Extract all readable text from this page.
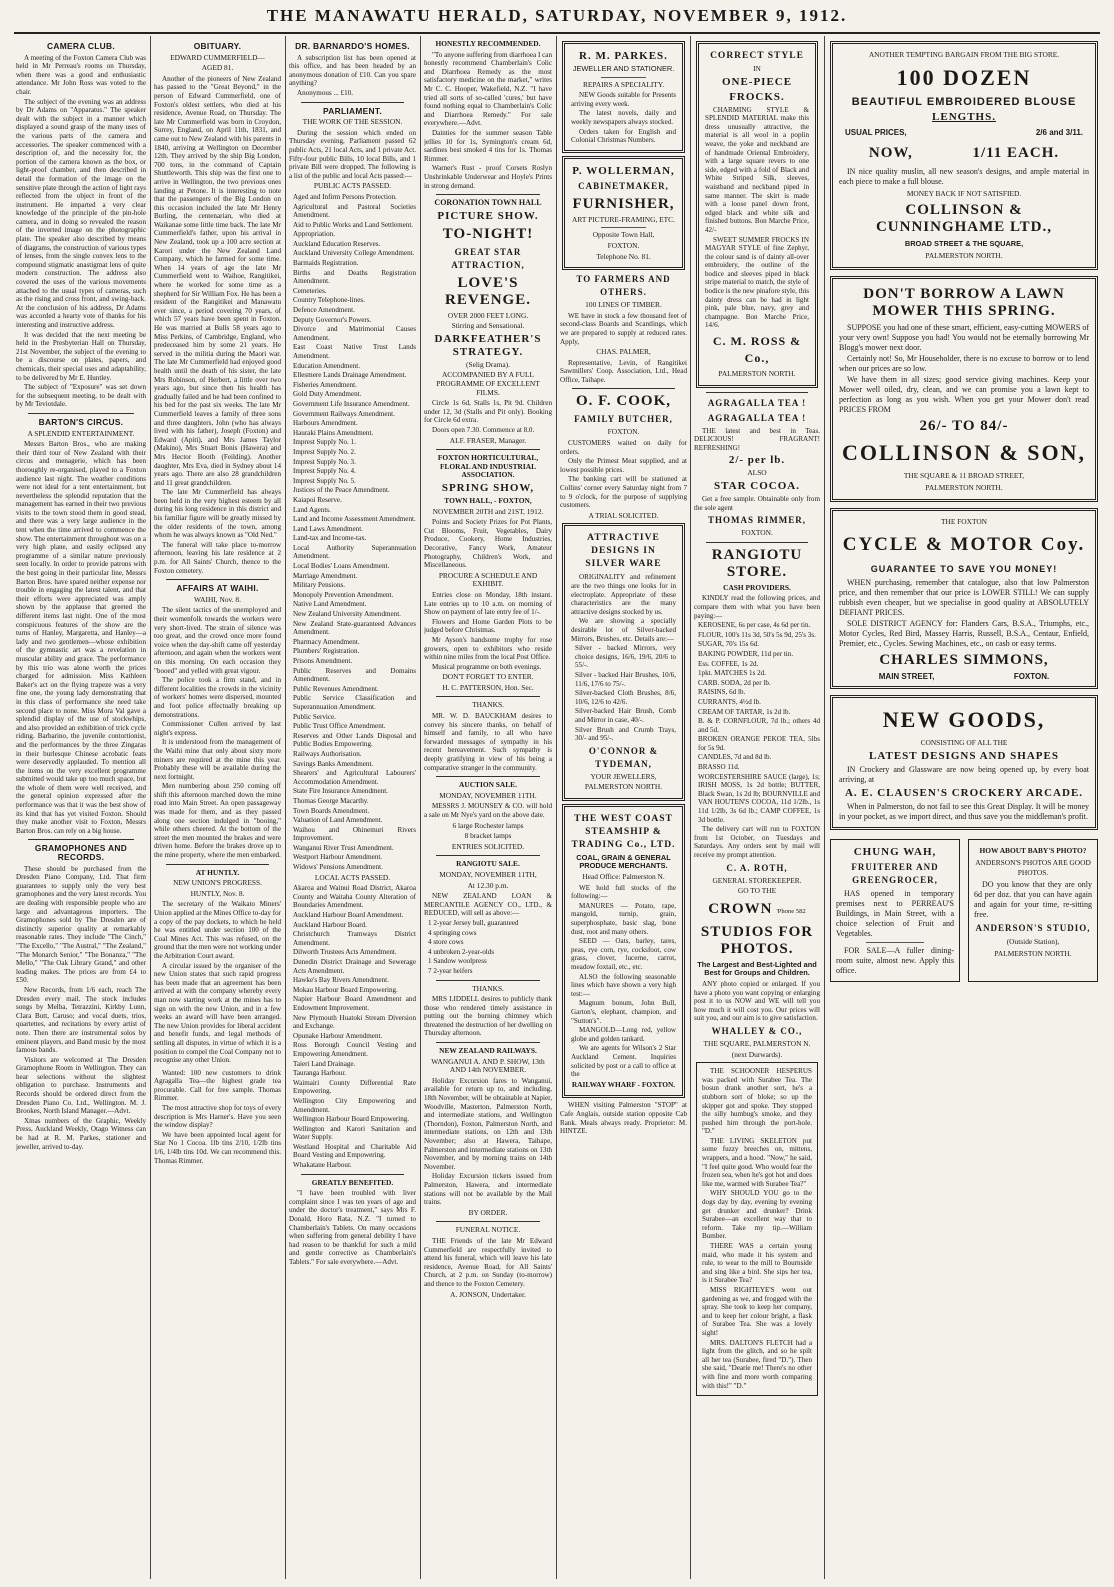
THE MANAWATU HERALD, SATURDAY, NOVEMBER 9, 1912.
CAMERA CLUB.

A meeting of the Foxton Camera Club was held in Mr Perreau's rooms on Thursday, when there was a good and enthusiastic attendance. Mr John Ross was voted to the chair.

The subject of the evening was an address by Dr Adams on "Apparatus." The speaker dealt with the subject in a manner which displayed a sound grasp of the many uses of the various parts of the camera and accessories. The speaker commenced with a description of, and the necessity for, the portion of the camera known as the box, or light-proof chamber, and then described in detail the formation of the image on the sensitive plate through the action of light rays reflected from the object in front of the instrument. He imparted a very clear knowledge of the principle of the pin-hole camera, and in doing so revealed the reason of the inverted image on the photographic plate. The speaker also described by means of diagrams, the construction of various types of lenses, from the single convex lens to the compound stigmatic anastigmat lens of quite modern construction. The address also covered the uses of the various movements attached to the usual types of cameras, such as the rising and cross front, and swing-back. At the conclusion of his address, Dr Adams was accorded a hearty vote of thanks for his interesting and instructive address.

It was decided that the next meeting be held in the Presbyterian Hall on Thursday, 21st November, the subject of the evening to be a discourse on plates, papers, and chemicals, their special uses and adaptability, to be delivered by Mr E. Huntley.

The subject of "Exposure" was set down for the subsequent meeting, to be dealt with by Mr Teviotdale.

BARTON'S CIRCUS.
A SPLENDID ENTERTAINMENT.

Messrs Barton Bros., who are making their third tour of New Zealand with their circus and menagerie, which has been thoroughly re-organised, played to a Foxton audience last night. The weather conditions were not ideal for a tent entertainment, but nevertheless the splendid reputation that the management has earned in their two previous visits to the town stood them in good stead, and there was a very large audience in the tent when the time arrived to commence the show. The entertainment throughout was on a very high plane, and easily eclipsed any programme of a similar nature previously seen locally. In order to provide patrons with the best going in their particular line, Messrs Barton Bros. have spared neither expense nor trouble in engaging the latest talent, and that their efforts were appreciated was amply shown by the applause that greeted the different items last night. One of the most conspicuous features of the show are the turns of Hanley, Margaretta, and Hanley—a lady and two gentlemen—whose exhibition of the gymnastic art was a revelation in muscular ability and grace. The performance by this trio was alone worth the prices charged for admission. Miss Kathleen Baker's act on the flying trapeze was a very fine one, the young lady demonstrating that in this class of performance she need take second place to none. Miss Mora Val gave a splendid display of the use of stockwhips, and also provided an exhibition of trick cycle riding. Barbarino, the juvenile contortionist, and the performances by the three Zingaras in their burlesque Chinese acrobatic feats were deservedly applauded. To mention all the items on the very excellent programme submitted would take up too much space, but the whole of them were well received, and the general opinion expressed after the performance was that it was the best show of its kind that has yet visited Foxton. Should they make another visit to Foxton, Messrs Barton Bros. can rely on a big house.

GRAMOPHONES AND RECORDS.

These should be purchased from the Dresden Piano Company, Ltd. That firm guarantees to supply only the very best gramophones and the very latest records. You are dealing with responsible people who are large and advantageous importers. The Gramophones sold by The Dresden are of distinctly superior quality at remarkably reasonable rates. They include "The Cinch," "The Excello," "The Austral," "The Zealand," "The Monarch Senior," "The Bonanza," "The Mello," "The Oak Library Grand," and other leading makes. The prices are from £4 to £50.

New Records, from 1/6 each, reach The Dresden every mail. The stock includes songs by Melba, Tetrazzini, Kirkby Lunn, Clara Butt, Caruso; and vocal duets, trios, quartettes, and recitations by every artist of note. Then there are instrumental solos by eminent players, and Band music by the most famous bands.

Visitors are welcomed at The Dresden Gramophone Room in Wellington. They can hear selections without the slightest obligation to purchase. Instruments and Records should be ordered direct from the Dresden Piano Co. Ltd., Wellington. M. J. Brookes, North Island Manager.—Advt.

Xmas numbers of the Graphic, Weekly Press, Auckland Weekly, Otago Witness can be had at R. M. Parkes, stationer and jeweller, arrived to-day.

OBITUARY.
EDWARD CUMMERFIELD—
AGED 81.

Another of the pioneers of New Zealand has passed to the "Great Beyond," in the person of Edward Cummerfield, one of Foxton's oldest settlers, who died at his residence, Avenue Road, on Thursday. The late Mr Cummerfield was born in Croydon, Surrey, England, on April 11th, 1831, and came out to New Zealand with his parents in 1840, arriving at Wellington on December 12th. They arrived by the ship Big London, 700 tons, in the command of Captain Shuttleworth. This ship was the first one to arrive in Wellington, the two previous ones landing at Petone. It is interesting to note that the passengers of the Big London on this occasion included the late Mr Henry Burling, the centenarian, who died at Waikanae some little time back. The late Mr Cummerfield's father, upon his arrival in New Zealand, took up a 100 acre section at Karori under the New Zealand Land Company, which he farmed for some time. When 14 years of age the late Mr Cummerfield went to Waihoe, Rangitikei, where he worked for some time as a shepherd for Sir William Fox. He has been a resident of the Rangitikei and Manawatu ever since, a period covering 70 years, of which 57 years have been spent in Foxton. He was married at Bulls 58 years ago to Miss Perkins, of Cambridge, England, who predeceased him by some 21 years. He served in the militia during the Maori war. The late Mr Cummerfield had enjoyed good health until the death of his sister, the late Mrs Robinson, of Herbert, a little over two years ago, but since then his health has gradually failed and he had been confined to his bed for the past six weeks. The late Mr Cummerfield leaves a family of three sons and three daughters, John (who has always lived with his father), Joseph (Foxton) and Edward (Apiti), and Mrs James Taylor (Makino), Mrs Stuart Bonis (Hawera) and Mrs Hector Booth (Feilding). Another daughter, Mrs Eva, died in Sydney about 14 years ago. There are also 28 grandchildren and 11 great grandchildren.

The late Mr Cummerfield has always been held in the very highest esteem by all during his long residence in this district and his familiar figure will be greatly missed by the older residents of the town, among whom he was always known as "Old Ned."

The funeral will take place to-morrow afternoon, leaving his late residence at 2 p.m. for All Saints' Church, thence to the Foxton cemetery.

AFFAIRS AT WAIHI.
WAIHI, Nov. 8.

The silent tactics of the unemployed and their womenfolk towards the workers were very short-lived. The strain of silence was too great, and the crowd once more found voice when the day-shift came off yesterday afternoon, and again when the workers went on this morning. On each occasion they "booed" and yelled with great vigour.

The police took a firm stand, and in different localities the crowds in the vicinity of workers' homes were dispersed, mounted and foot police effectually breaking up demonstrations.

Commissioner Cullen arrived by last night's express.

It is understood from the management of the Waihi mine that only about sixty more miners are required at the mine this year. Probably these will be available during the next fortnight.

Men numbering about 250 coming off shift this afternoon marched down the mine road into Main Street. An open passageway was made for them, and as they passed along one section indulged in "booing," while others cheered. At the bottom of the street the men mounted the brakes and were driven home. Before the brakes drove up to the mine property, where the men embarked.

AT HUNTLY.
NEW UNION'S PROGRESS.
HUNTLY, Nov. 8.

The secretary of the Waikato Miners' Union applied at the Mines Office to-day for a copy of the pay dockets, to which he held he was entitled under section 100 of the Coal Mines Act. This was refused, on the ground that the men were not working under the Arbitration Court award.

A circular issued by the organiser of the new Union states that such rapid progress has been made that an agreement has been arrived at with the company whereby every man now starting work at the mines has to sign on with the new Union, and in a few weeks an award will have been arranged. The new Union provides for liberal accident and benefit funds, and legal methods of settling all disputes, in virtue of which it is a position to compel the Coal Company not to recognise any other Union.

Wanted: 100 new customers to drink Agragalla Tea—the highest grade tea procurable. Call for free sample. Thomas Rimmer.

The most attractive shop for toys of every description is Mrs Harner's. Have you seen the window display?

We have been appointed local agent for Star No 1 Cocoa. 1lb tins 2/10, 1/2lb tins 1/6, 1/4lb tins 10d. We can recommend this. Thomas Rimmer.

DR. BARNARDO'S HOMES.

A subscription list has been opened at this office, and has been headed by an anonymous donation of £10. Can you spare anything?

Anonymous ... £10.

PARLIAMENT.
THE WORK OF THE SESSION.

During the session which ended on Thursday evening, Parliament passed 62 public Acts, 21 local Acts, and 1 private Act. Fifty-four public Bills, 10 local Bills, and 1 private Bill were dropped. The following is a list of the public and local Acts passed:—

PUBLIC ACTS PASSED.

Aged and Infirm Persons Protection.

Agricultural and Pastoral Societies Amendment.

Aid to Public Works and Land Settlement.

Appropriation.

Auckland Education Reserves.

Auckland University College Amendment.

Barmaids Registration.

Births and Deaths Registration Amendment.

Cemeteries.

Country Telephone-lines.

Defence Amendment.

Deputy Governor's Powers.

Divorce and Matrimonial Causes Amendment.

East Coast Native Trust Lands Amendment.

Education Amendment.

Ellesmere Lands Drainage Amendment.

Fisheries Amendment.

Gold Duty Amendment.

Government Life Insurance Amendment.

Government Railways Amendment.

Harbours Amendment.

Hauraki Plains Amendment.

Imprest Supply No. 1.

Imprest Supply No. 2.

Imprest Supply No. 3.

Imprest Supply No. 4.

Imprest Supply No. 5.

Justices of the Peace Amendment.

Kaiapoi Reserve.

Land Agents.

Land and Income Assessment Amendment.

Land Laws Amendment.

Land-tax and Income-tax.

Local Authority Superannuation Amendment.

Local Bodies' Loans Amendment.

Marriage Amendment.

Military Pensions.

Monopoly Prevention Amendment.

Native Land Amendment.

New Zealand University Amendment.

New Zealand State-guaranteed Advances Amendment.

Pharmacy Amendment.

Plumbers' Registration.

Prisons Amendment.

Public Reserves and Domains Amendment.

Public Revenues Amendment.

Public Service Classification and Superannuation Amendment.

Public Service.

Public Trust Office Amendment.

Reserves and Other Lands Disposal and Public Bodies Empowering.

Railways Authorisation.

Savings Banks Amendment.

Shearers' and Agricultural Labourers' Accommodation Amendment.

State Fire Insurance Amendment.

Thomas George Macarthy.

Town Boards Amendment.

Valuation of Land Amendment.

Waihou and Ohinemuri Rivers Improvement.

Wanganui River Trust Amendment.

Westport Harbour Amendment.

Widows' Pensions Amendment.

LOCAL ACTS PASSED.

Akaroa and Wainui Road District, Akaroa County and Waitaha County Alteration of Boundaries Amendment.

Auckland Harbour Board Amendment.

Auckland Harbour Board.

Christchurch Tramways District Amendment.

Dilworth Trustees Acts Amendment.

Dunedin District Drainage and Sewerage Acts Amendment.

Hawke's Bay Rivers Amendment.

Mokau Harbour Board Empowering.

Napier Harbour Board Amendment and Endowment Improvement.

New Plymouth Huatoki Stream Diversion and Exchange.

Opunake Harbour Amendment.

Ross Borough Council Vesting and Empowering Amendment.

Taieri Land Drainage.

Tauranga Harbour.

Waimairi County Differential Rate Empowering.

Wellington City Empowering and Amendment.

Wellington Harbour Board Empowering.

Wellington and Karori Sanitation and Water Supply.

Westland Hospital and Charitable Aid Board Vesting and Empowering.

Whakatane Harbour.

GREATLY BENEFITED.

"I have been troubled with liver complaint since I was ten years of age and under the doctor's treatment," says Mrs F. Donald, Horo Rata, N.Z. "I turned to Chamberlain's Tablets. On many occasions when suffering from general debility I have had reason to be thankful for such a mild and gentle corrective as Chamberlain's Tablets." For sale everywhere.—Advt.

HONESTLY RECOMMENDED.

"To anyone suffering from diarrhoea I can honestly recommend Chamberlain's Colic and Diarrhoea Remedy as the most satisfactory medicine on the market," writes Mr C. C. Hooper, Wakefield, N.Z. "I have tried all sorts of so-called 'cures,' but have found nothing equal to Chamberlain's Colic and Diarrhoea Remedy." For sale everywhere.—Advt.

Dainties for the summer season Table jellies 10 for 1s, Symington's cream 6d, sardines best smoked 4 tins for 1s. Thomas Rimmer.

Warner's Rust - proof Corsets Roslyn Unshrinkable Underwear and Hoyle's Prints in strong demand.

CORONATION TOWN HALL
PICTURE SHOW.
TO-NIGHT!
GREAT STAR ATTRACTION,
LOVE'S REVENGE.
OVER 2000 FEET LONG.
Stirring and Sensational.
DARKFEATHER'S STRATEGY.
(Selig Drama).
ACCOMPANIED BY A FULL PROGRAMME OF EXCELLENT FILMS.

Circle 1s 6d, Stalls 1s, Pit 9d. Children under 12, 3d (Stalls and Pit only). Booking for Circle 6d extra.

Doors open 7.30. Commence at 8.0.

ALF. FRASER, Manager.
FOXTON HORTICULTURAL, FLORAL AND INDUSTRIAL ASSOCIATION.
SPRING SHOW,
TOWN HALL, - FOXTON,
NOVEMBER 20TH and 21ST, 1912.

Points and Society Prizes for Pot Plants, Cut Blooms, Fruit, Vegetables, Dairy Produce, Cookery, Home Industries, Decorative, Fancy Work, Amateur Photography, Children's Work, and Miscellaneous.

PROCURE A SCHEDULE AND EXHIBIT.

Entries close on Monday, 18th instant. Late entries up to 10 a.m. on morning of Show on payment of late entry fee of 1/-.

Flowers and Home Garden Plots to be judged before Christmas.

Mr Ayson's handsome trophy for rose growers, open to exhibitors who reside within nine miles from the local Post Office.

Musical programme on both evenings.

DON'T FORGET TO ENTER.
H. C. PATTERSON, Hon. Sec.
THANKS.

MR. W. D. BAUCKHAM desires to convey his sincere thanks, on behalf of himself and family, to all who have forwarded messages of sympathy in his recent bereavement. Such sympathy is deeply gratifying in view of his being a comparative stranger in the community.

AUCTION SALE.
MONDAY, NOVEMBER 11TH.

MESSRS J. MOUNSEY & CO. will hold a sale on Mr Nye's yard on the above date.

6 large Rochester lamps
8 bracket lamps
ENTRIES SOLICITED.
RANGIOTU SALE.
MONDAY, NOVEMBER 11TH,
At 12.30 p.m.

NEW ZEALAND LOAN & MERCANTILE AGENCY CO., LTD., & REDUCED, will sell as above:—

1 2-year Jersey bull, guaranteed

4 springing cows

4 store cows

4 unbroken 2-year-olds

1 Sandow woolpress

7 2-year heifers

THANKS.

MRS LIDDELL desires to publicly thank those who rendered timely assistance in putting out the burning chimney which threatened the destruction of her dwelling on Thursday afternoon.

NEW ZEALAND RAILWAYS.
WANGANUI A. AND P. SHOW, 13th AND 14th NOVEMBER.

Holiday Excursion fares to Wanganui, available for return up to, and including, 18th November, will be obtainable at Napier, Woodville, Masterton, Palmerston North, and intermediate stations, and Wellington (Thorndon), Foxton, Palmerston North, and intermediate stations, on 12th and 13th November; also at Hawera, Taihape, Palmerston and intermediate stations on 13th November, and by morning trains on 14th November.

Holiday Excursion tickets issued from Palmerston, Hawera, and intermediate stations will not be available by the Mail trains.

BY ORDER.
FUNERAL NOTICE.

THE Friends of the late Mr Edward Cummerfield are respectfully invited to attend his funeral, which will leave his late residence, Avenue Road, for All Saints' Church, at 2 p.m. on Sunday (to-morrow) and thence to the Foxton Cemetery.

A. JONSON, Undertaker.
R. M. PARKES.
JEWELLER AND STATIONER.
REPAIRS A SPECIALITY.

NEW Goods suitable for Presents arriving every week.

The latest novels, daily and weekly newspapers always stocked.

Orders taken for English and Colonial Christmas Numbers.

P. WOLLERMAN,
CABINETMAKER,
FURNISHER,
ART PICTURE-FRAMING, ETC.
Opposite Town Hall,
FOXTON.
Telephone No. 81.
TO FARMERS AND OTHERS.
100 LINES OF TIMBER.

WE have in stock a few thousand feet of second-class Boards and Scantlings, which we are prepared to supply at reduced rates. Apply,

CHAS. PALMER,

Representative, Levin, of Rangitikei Sawmillers' Coop. Association, Ltd., Head Office, Taihape.

O. F. COOK,
FAMILY BUTCHER,
FOXTON.

CUSTOMERS waited on daily for orders.

Only the Primest Meat supplied, and at lowest possible prices.

The banking cart will be stationed at Collins' corner every Saturday night from 7 to 9 o'clock, for the purpose of supplying customers.

A TRIAL SOLICITED.
ATTRACTIVE DESIGNS IN SILVER WARE

ORIGINALITY and refinement are the two things one looks for in electroplate. Appropriate of these characteristics are the many attractive designs stocked by us.

We are showing a specially desirable lot of Silver-backed Mirrors, Brushes, etc. Details are:—

Silver - backed Mirrors, very choice designs, 16/6, 19/6, 20/6 to 55/-.

Silver - backed Hair Brushes, 10/6, 11/6, 17/6 to 75/-.

Silver-backed Cloth Brushes, 8/6, 10/6, 12/6 to 42/6.

Silver-backed Hair Brush, Comb and Mirror in case, 40/-.

Silver Brush and Crumb Trays, 30/- and 95/-.

O'CONNOR & TYDEMAN,
YOUR JEWELLERS,
PALMERSTON NORTH.
THE WEST COAST STEAMSHIP & TRADING Co., LTD.
COAL, GRAIN & GENERAL PRODUCE MERCHANTS.
Head Office: Palmerston N.

WE hold full stocks of the following:—

MANURES — Potato, rape, mangold, turnip, grain, superphosphate, basic slag, bone dust, root and many others.

SEED — Oats, barley, tares, peas, rye corn, rye, cocksfoot, cow grass, clover, lucerne, carrot, meadow foxtail, etc., etc.

ALSO the following seasonable lines which have shown a very high test:—

Magnum bonum, John Bull, Garton's, elephant, champion, and "Sutton's".

MANGOLD—Long red, yellow globe and golden tankard.

We are agents for Wilson's 2 Star Auckland Cement. Inquiries solicited by post or a call to office at the

RAILWAY WHARF - FOXTON.

WHEN visiting Palmerston "STOP" at Cafe Anglais, outside station opposite Cab Rank. Meals always ready. Proprietor: M. HINTZE.

CORRECT STYLE
IN
ONE-PIECE
FROCKS.

CHARMING STYLE & SPLENDID MATERIAL make this dress unusually attractive, the material is all wool in a poplin weave, the yoke and neckband are of handmade Oriental Embroidery, with a large square revers to one side, edged with a fold of Black and White Striped Silk, sleeves, waistband and neckband piped in same manner. The skirt is made with a loose panel down front, edged black and white silk and finished buttons. Bon Marche Price, 42/-

SWEET SUMMER FROCKS IN MAGYAR STYLE of fine Zephyr, the colour sand is of dainty all-over embroidery, the outline of the bodice and sleeves piped in black stripe material to match, the style of bodice is the new pinafore style, this dainty dress can be had in light pink, pale blue, navy, grey and champagne. Bon Marche Price, 14/6.

C. M. ROSS & Co.,
PALMERSTON NORTH.
AGRAGALLA TEA !
AGRAGALLA TEA !

THE latest and best in Teas. DELICIOUS! FRAGRANT! REFRESHING!

2/- per lb.
ALSO
STAR COCOA.

Get a free sample. Obtainable only from the sole agent

THOMAS RIMMER,
FOXTON.
RANGIOTU STORE.
CASH PROVIDERS.

KINDLY read the following prices, and compare them with what you have been paying:—

KEROSENE, 6s per case, 4s 6d per tin.

FLOUR, 100's 11s 3d, 50's 5s 9d, 25's 3s.

SUGAR, 70's 15s 6d.

BAKING POWDER, 11d per tin.

Ess. COFFEE, 1s 2d.

1pkt. MATCHES 1s 2d.

CARB. SODA, 2d per lb.

RAISINS, 6d lb.

CURRANTS, 4½d lb.

CREAM OF TARTAR, 1s 2d lb.

B. & P. CORNFLOUR, 7d lb.; others 4d and 5d.

BROKEN ORANGE PEKOE TEA, 5lbs for 5s 9d.

CANDLES, 7d and 8d lb.

BRASSO 11d.

WORCESTERSHIRE SAUCE (large), 1s; IRISH MOSS, 1s 2d bottle; BUTTER, Black Swan, 1s 2d lb; BOURNVILLE and VAN HOUTEN'S COCOA, 11d 1/2lb., 1s 11d 1/2lb, 3s 6d lb.; CAMP COFFEE, 1s 3d bottle.

The delivery cart will run to FOXTON from 1st October, on Tuesdays and Saturdays. Any orders sent by mail will receive my prompt attention.

C. A. ROTH,
GENERAL STOREKEEPER.
GO TO THE
CROWN 'Phone 582
STUDIOS FOR PHOTOS.
The Largest and Best-Lighted and Best for Groups and Children.

ANY photo copied or enlarged. If you have a photo you want copying or enlarging post it to us NOW and WE will tell you how much it will cost you. Our prices will suit you, and our aim is to give satisfaction.

WHALLEY & CO.,
THE SQUARE, PALMERSTON N.
(next Durwards).

THE SCHOONER HESPERUS was packed with Surabee Tea. The bosun drank another sort, he's a stubborn sort of bloke; so up the skipper got and spoke. They stopped the silly humbug's smoke, and they pushed him through the port-hole. "D."

THE LIVING SKELETON put some fuzzy breeches on, mittens, wrappers, and a hood. "Now," he said, "I feel quite good. Who would fear the frozen sea, when he's got hot and does like me, warmed with Surabee Tea?"

WHY SHOULD YOU go to the dogs day by day, evening by evening get drunker and drunker? Drink Surabee—an excellent way that to reform. Take my tip.—William Bumber.

THERE WAS a certain young maid, who made it his system and rule, to wear to the mill to Bournside and sing like a bird. She sips her tea, is it Surabee Tea?

MISS RIGHTEYE'S went out gardening as we, and frogged with the spray. She took to keep her company, and to keep her colour bright, a flask of Surabee Tea. She was a lovely sight!

MRS. DALTON'S FLETCH had a light from the glitch, and so he spilt all her tea (Surabee, fired "D."). Then she said, "Dearie me! There's no other with fine and more worth comparing with this!" "D."

ANOTHER TEMPTING BARGAIN FROM THE BIG STORE.
100 DOZEN
BEAUTIFUL EMBROIDERED BLOUSE
LENGTHS.
USUAL PRICES,	2/6 and 3/11.
NOW,	1/11 EACH.

IN nice quality muslin, all new season's designs, and ample material in each piece to make a full blouse.

MONEY BACK IF NOT SATISFIED.
COLLINSON & CUNNINGHAME LTD.,
BROAD STREET & THE SQUARE,
PALMERSTON NORTH.
DON'T BORROW A LAWN MOWER THIS SPRING.

SUPPOSE you had one of these smart, efficient, easy-cutting MOWERS of your very own! Suppose you had! You would not be eternally borrowing Mr Blogg's mower next door.

Certainly not! So, Mr Householder, there is no excuse to borrow or to lend when our prices are so low.

We have them in all sizes; good service giving machines. Keep your Mower well oiled, dry, clean, and we can promise you a lawn kept to perfection as long as you wish. When you get your Mower don't read PRICES FROM

26/- TO 84/-
COLLINSON & SON,
THE SQUARE & 11 BROAD STREET,
PALMERSTON NORTH.
THE FOXTON
CYCLE & MOTOR Coy.
GUARANTEE TO SAVE YOU MONEY!

WHEN purchasing, remember that catalogue, also that low Palmerston price, and then remember that our price is LOWER STILL! We can supply rubbish even cheaper, but we specialise in good quality at ABSOLUTELY DEFIANT PRICES.

SOLE DISTRICT AGENCY for: Flanders Cars, B.S.A., Triumphs, etc., Motor Cycles, Red Bird, Massey Harris, Russell, B.S.A., Centaur, Enfield, Premier, etc., Cycles. Sewing Machines, etc., on cash or easy terms.

CHARLES SIMMONS,
MAIN STREET,	FOXTON.
NEW GOODS,
CONSISTING OF ALL THE
LATEST DESIGNS AND SHAPES

IN Crockery and Glassware are now being opened up, by every boat arriving, at

A. E. CLAUSEN'S CROCKERY ARCADE.

When in Palmerston, do not fail to see this Great Display. It will be money in your pocket, as we import direct, and thus save you the middleman's profit.

CHUNG WAH,
FRUITERER AND GREENGROCER,

HAS opened in temporary premises next to PERREAU'S Buildings, in Main Street, with a choice selection of Fruit and Vegetables.

FOR SALE—A fuller dining-room suite, almost new. Apply this office.

HOW ABOUT BABY'S PHOTO?
ANDERSON'S PHOTOS ARE GOOD PHOTOS.

DO you know that they are only 6d per doz. that you can have again and again for your time, re-sitting free.

ANDERSON'S STUDIO,
(Outside Station),
PALMERSTON NORTH.
